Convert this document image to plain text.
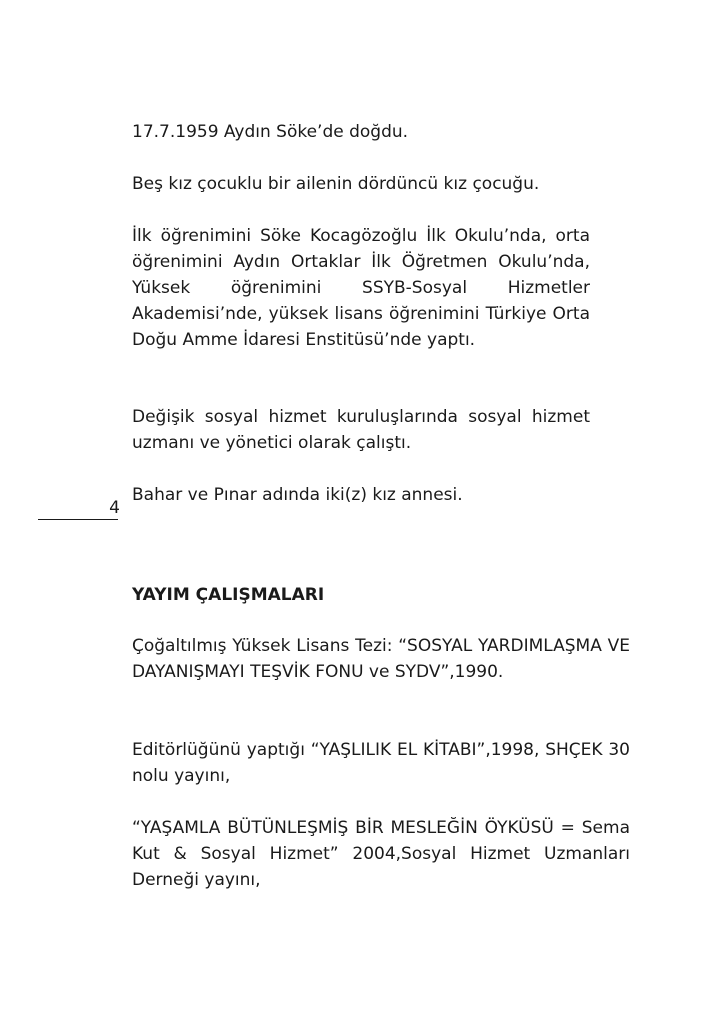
17.7.1959 Aydın Söke’de doğdu.

Beş kız çocuklu bir ailenin dördüncü kız çocuğu.

İlk öğrenimini Söke Kocagözoğlu İlk Okulu’nda, orta öğrenimini Aydın Ortaklar İlk Öğretmen Okulu’nda, Yüksek öğrenimini SSYB-Sosyal Hizmetler Akademisi’nde, yüksek lisans öğrenimini Türkiye Orta Doğu Amme İdaresi Enstitüsü’nde yaptı.

Değişik sosyal hizmet kuruluşlarında sosyal hizmet uzmanı ve yönetici olarak çalıştı.

Bahar ve Pınar adında iki(z) kız annesi.

4
YAYIM ÇALIŞMALARI

Çoğaltılmış Yüksek Lisans Tezi: “SOSYAL YARDIMLAŞMA VE DAYANIŞMAYI TEŞVİK FONU ve SYDV”,1990.

Editörlüğünü yaptığı “YAŞLILIK EL KİTABI”,1998, SHÇEK 30 nolu yayını,

“YAŞAMLA BÜTÜNLEŞMİŞ BİR MESLEĞİN ÖYKÜSÜ = Sema Kut & Sosyal Hizmet” 2004,Sosyal Hizmet Uzmanları Derneği yayını,
